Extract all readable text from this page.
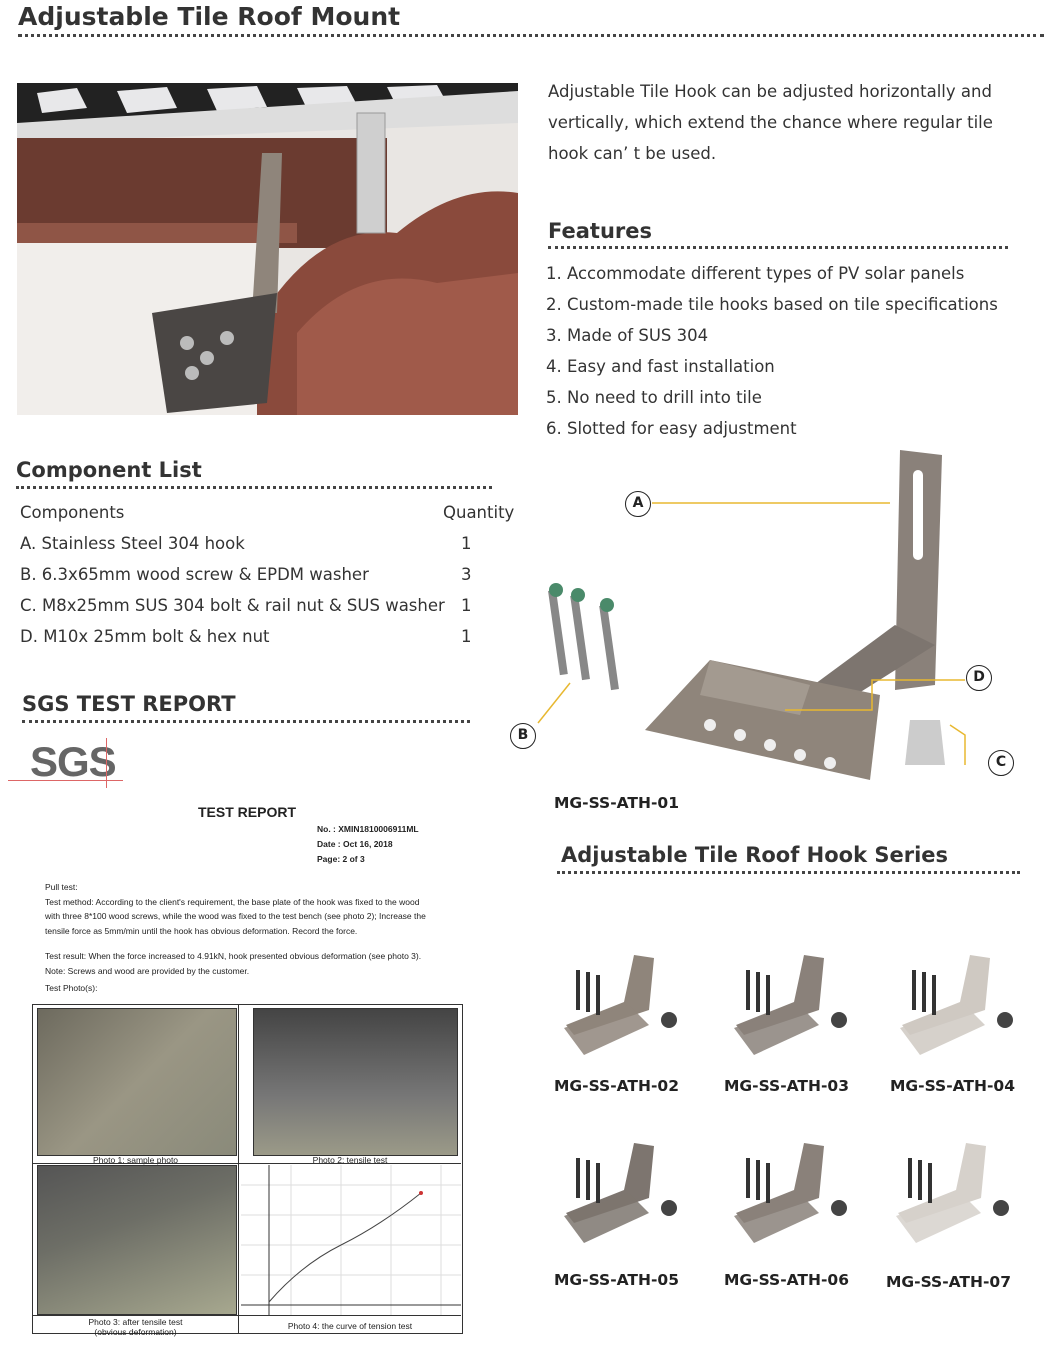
Adjustable Tile Roof Mount
Adjustable Tile Hook can be adjusted horizontally and
vertically, which extend the chance where regular tile
hook can’ t be used.
Features
1. Accommodate different types of PV solar panels
2. Custom-made tile hooks based on tile specifications
3. Made of SUS 304
4. Easy and fast installation
5. No need to drill into tile
6. Slotted for easy adjustment
Component List
Components	Quantity
A. Stainless Steel 304 hook	1
B. 6.3x65mm wood screw & EPDM washer	3
C. M8x25mm SUS 304 bolt & rail nut & SUS washer 1
D. M10x 25mm bolt & hex nut	1
SGS TEST REPORT
SGS
TEST REPORT
No. : XMIN1810006911ML
Date : Oct 16, 2018
Page: 2 of 3
Pull test:
Test method: According to the client's requirement, the base plate of the hook was fixed to the wood
with three 8*100 wood screws, while the wood was fixed to the test bench (see photo 2); Increase the
tensile force as 5mm/min until the hook has obvious deformation. Record the force.
Test result: When the force increased to 4.91kN, hook presented obvious deformation (see photo 3).
Note: Screws and wood are provided by the customer.
Test Photo(s):
Photo 1: sample photo	Photo 2: tensile test
Photo 3: after tensile test
(obvious deformation)
Photo 4: the curve of tension test
A
B
C
D
MG-SS-ATH-01
Adjustable Tile Roof Hook Series
MG-SS-ATH-02	MG-SS-ATH-03	MG-SS-ATH-04
MG-SS-ATH-05	MG-SS-ATH-06 MG-SS-ATH-07
